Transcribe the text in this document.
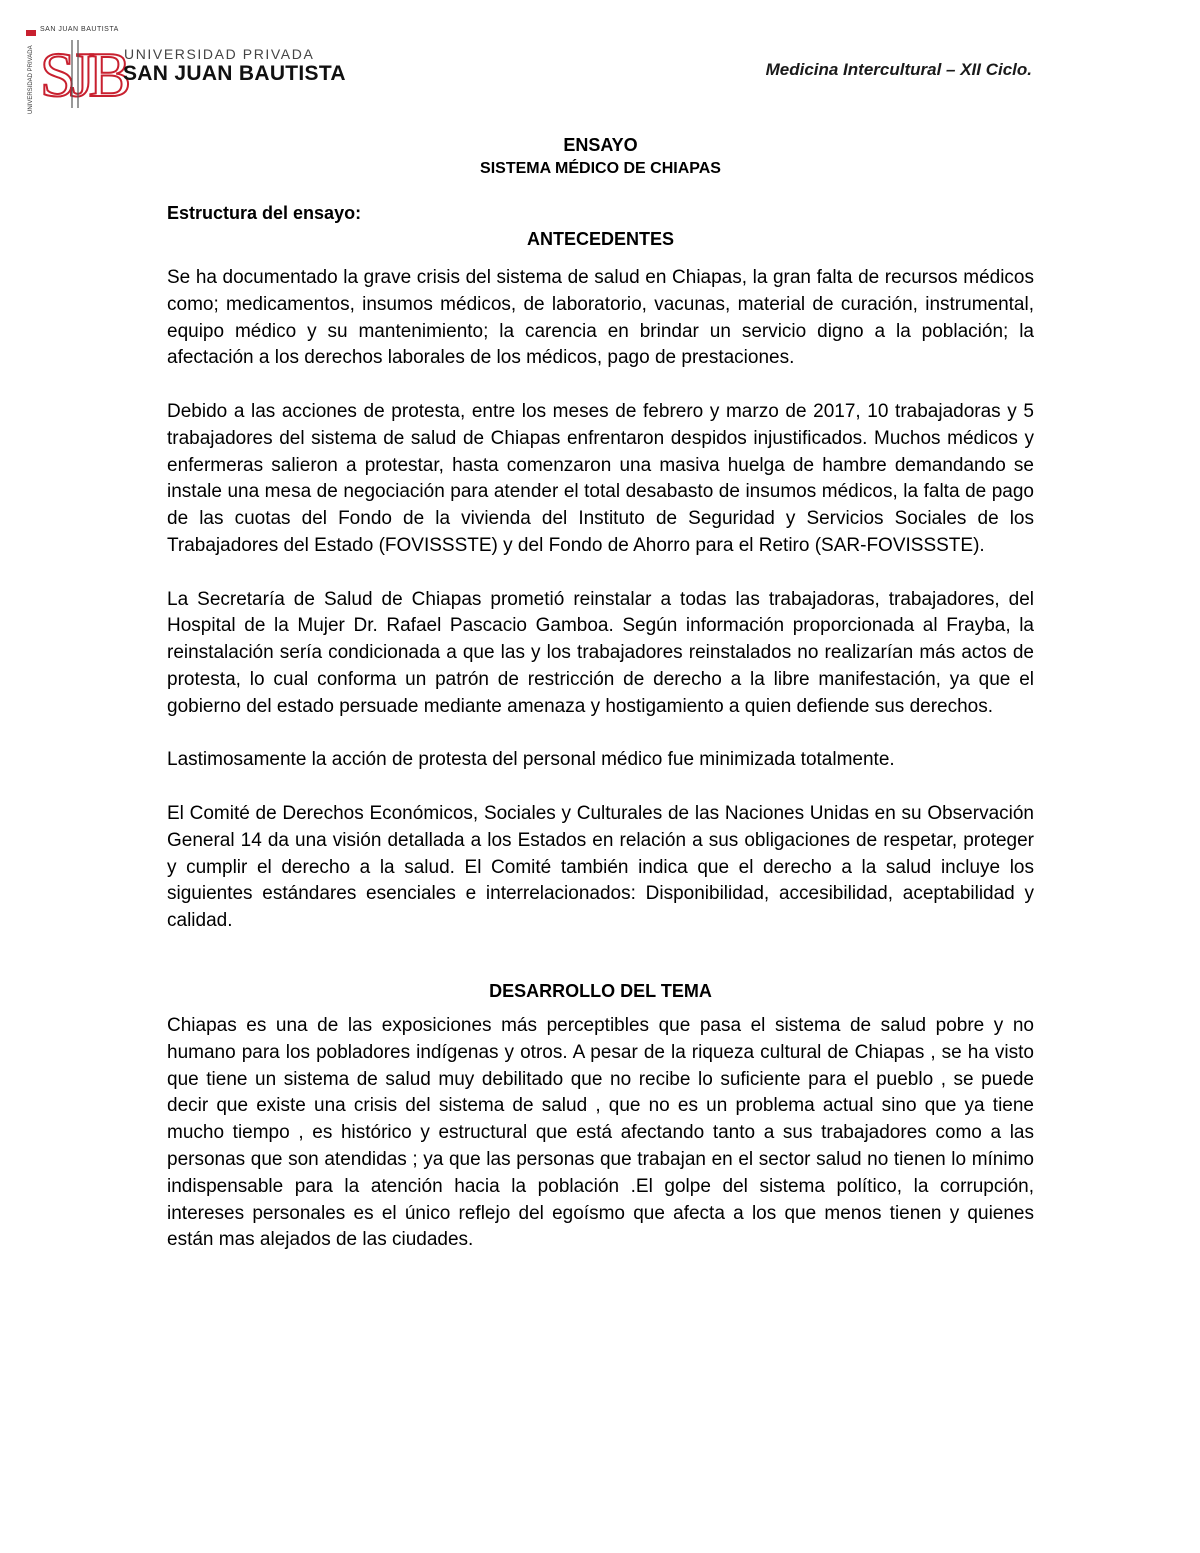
UNIVERSIDAD PRIVADA SJB
SAN JUAN BAUTISTA
UNIVERSIDAD PRIVADA
SAN JUAN BAUTISTA	Medicina Intercultural – XII Ciclo.

ENSAYO

SISTEMA MÉDICO DE CHIAPAS

Estructura del ensayo:

ANTECEDENTES

Se ha documentado la grave crisis del sistema de salud en Chiapas, la gran falta de recursos médicos como; medicamentos, insumos médicos, de laboratorio, vacunas, material de curación, instrumental, equipo médico y su mantenimiento; la carencia en brindar un servicio digno a la población; la afectación a los derechos laborales de los médicos, pago de prestaciones.

Debido a las acciones de protesta, entre los meses de febrero y marzo de 2017, 10 trabajadoras y 5 trabajadores del sistema de salud de Chiapas enfrentaron despidos injustificados. Muchos médicos y enfermeras salieron a protestar, hasta comenzaron una masiva huelga de hambre demandando se instale una mesa de negociación para atender el total desabasto de insumos médicos, la falta de pago de las cuotas del Fondo de la vivienda del Instituto de Seguridad y Servicios Sociales de los Trabajadores del Estado (FOVISSSTE) y del Fondo de Ahorro para el Retiro (SAR-FOVISSSTE).

La Secretaría de Salud de Chiapas prometió reinstalar a todas las trabajadoras, trabajadores, del Hospital de la Mujer Dr. Rafael Pascacio Gamboa. Según información proporcionada al Frayba, la reinstalación sería condicionada a que las y los trabajadores reinstalados no realizarían más actos de protesta, lo cual conforma un patrón de restricción de derecho a la libre manifestación, ya que el gobierno del estado persuade mediante amenaza y hostigamiento a quien defiende sus derechos.

Lastimosamente la acción de protesta del personal médico fue minimizada totalmente.

El Comité de Derechos Económicos, Sociales y Culturales de las Naciones Unidas en su Observación General 14 da una visión detallada a los Estados en relación a sus obligaciones de respetar, proteger y cumplir el derecho a la salud. El Comité también indica que el derecho a la salud incluye los siguientes estándares esenciales e interrelacionados: Disponibilidad, accesibilidad, aceptabilidad y calidad.

DESARROLLO DEL TEMA

Chiapas es una de las exposiciones más perceptibles que pasa el sistema de salud pobre y no humano para los pobladores indígenas y otros. A pesar de la riqueza cultural de Chiapas , se ha visto que tiene un sistema de salud muy debilitado que no recibe lo suficiente para el pueblo , se puede decir que existe una crisis del sistema de salud , que no es un problema actual sino que ya tiene mucho tiempo , es histórico y estructural que está afectando tanto a sus trabajadores como a las personas que son atendidas ; ya que las personas que trabajan en el sector salud no tienen lo mínimo indispensable para la atención hacia la población .El golpe del sistema político, la corrupción, intereses personales es el único reflejo del egoísmo que afecta a los que menos tienen y quienes están mas alejados de las ciudades.
